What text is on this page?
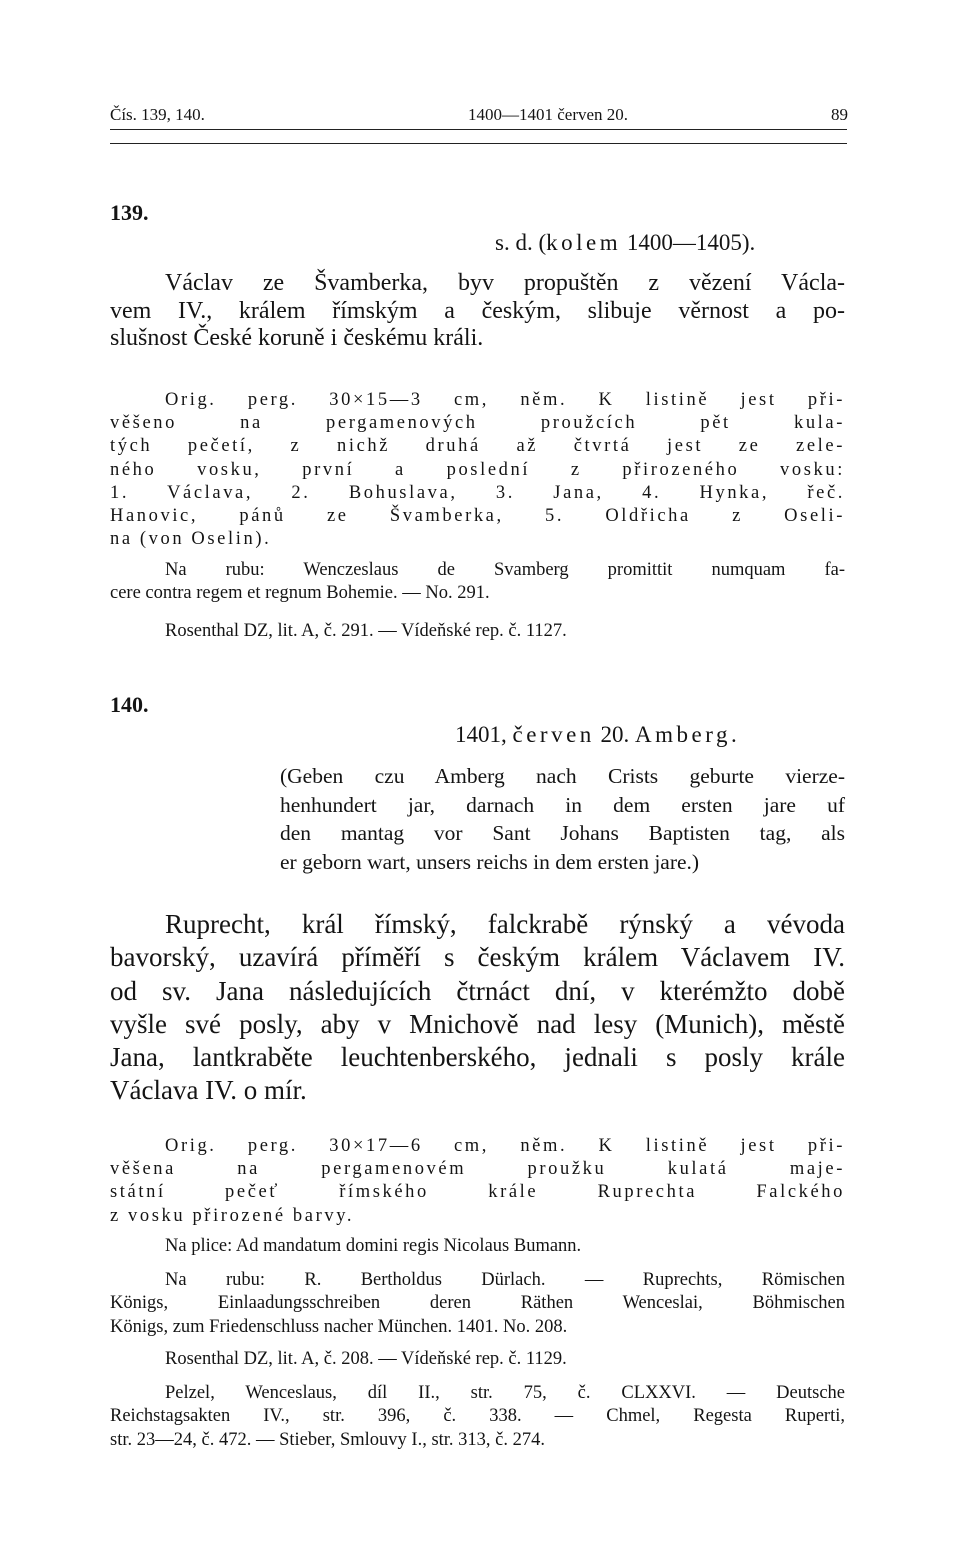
Čís. 139, 140.	1400—1401 červen 20.	89
139.
s. d. (kolem 1400—1405).
Václav ze Švamberka, byv propuštěn z vězení Václa-
vem IV., králem římským a českým, slibuje věrnost a po-
slušnost České koruně i českému králi.
Orig. perg. 30×15—3 cm, něm. K listině jest při-
věšeno na pergamenových proužcích pět kula-
tých pečetí, z nichž druhá až čtvrtá jest ze zele-
ného vosku, první a poslední z přirozeného vosku:
1. Václava, 2. Bohuslava, 3. Jana, 4. Hynka, řeč.
Hanovic, pánů ze Švamberka, 5. Oldřicha z Oseli-
na (von Oselin).
Na rubu: Wenczeslaus de Svamberg promittit numquam fa-
cere contra regem et regnum Bohemie. — No. 291.
Rosenthal DZ, lit. A, č. 291. — Vídeňské rep. č. 1127.
140.
1401, červen 20. Amberg.
(Geben czu Amberg nach Crists geburte vierze-
henhundert jar, darnach in dem ersten jare uf
den mantag vor Sant Johans Baptisten tag, als
er geborn wart, unsers reichs in dem ersten jare.)
Ruprecht, král římský, falckrabě rýnský a vévoda
bavorský, uzavírá příměří s českým králem Václavem IV.
od sv. Jana následujících čtrnáct dní, v kterémžto době
vyšle své posly, aby v Mnichově nad lesy (Munich), městě
Jana, lantkraběte leuchtenberského, jednali s posly krále
Václava IV. o mír.
Orig. perg. 30×17—6 cm, něm. K listině jest při-
věšena na pergamenovém proužku kulatá maje-
státní pečeť římského krále Ruprechta Falckého
z vosku přirozené barvy.
Na plice: Ad mandatum domini regis Nicolaus Bumann.
Na rubu: R. Bertholdus Dürlach. — Ruprechts, Römischen
Königs, Einlaadungsschreiben deren Räthen Wenceslai, Böhmischen
Königs, zum Friedenschluss nacher München. 1401. No. 208.
Rosenthal DZ, lit. A, č. 208. — Vídeňské rep. č. 1129.
Pelzel, Wenceslaus, díl II., str. 75, č. CLXXVI. — Deutsche
Reichstagsakten IV., str. 396, č. 338. — Chmel, Regesta Ruperti,
str. 23—24, č. 472. — Stieber, Smlouvy I., str. 313, č. 274.
